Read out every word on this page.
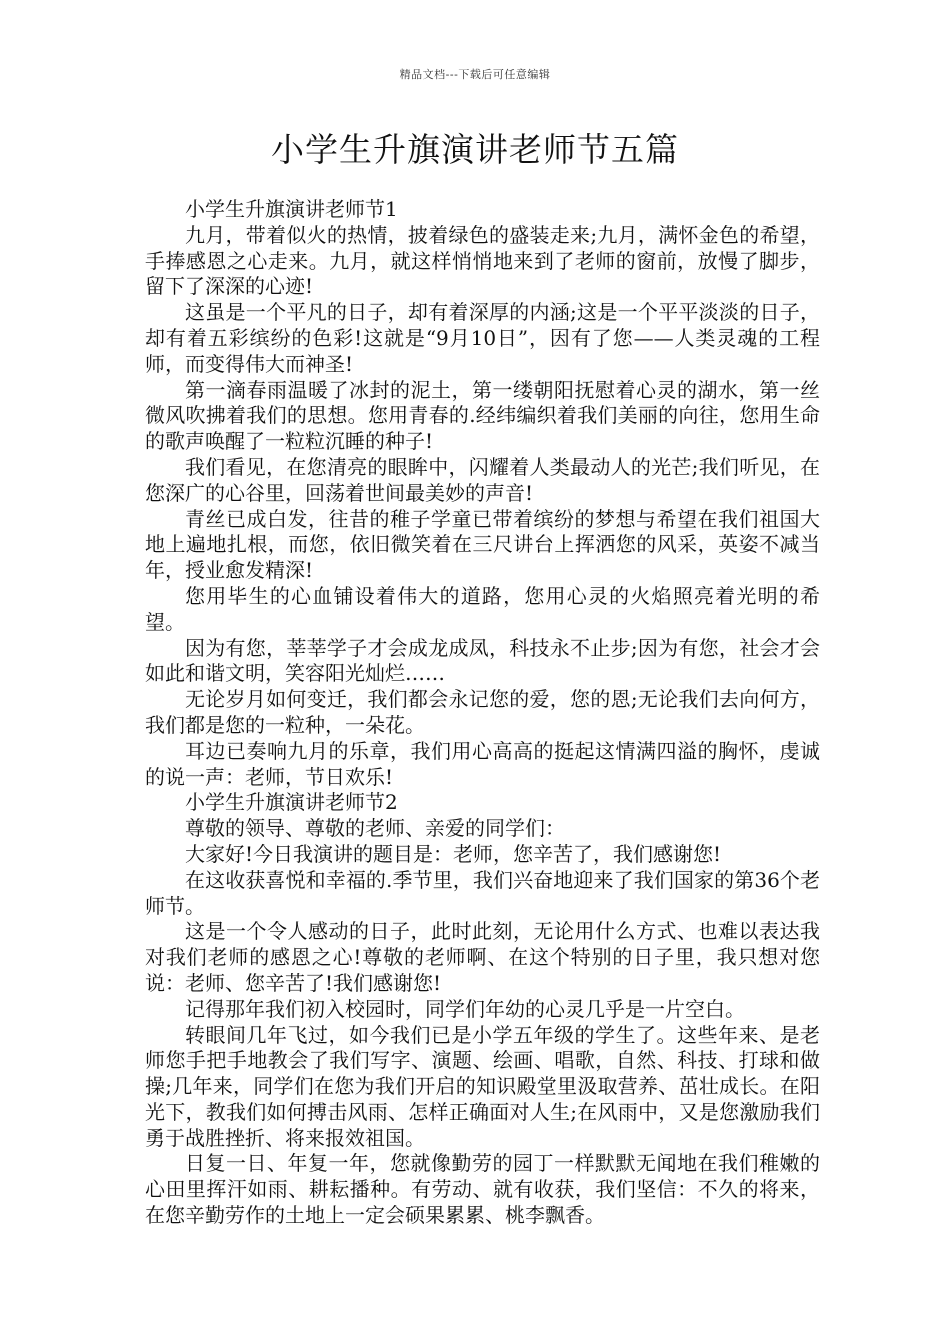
精品文档---下载后可任意编辑
小学生升旗演讲老师节五篇

小学生升旗演讲老师节1

九月，带着似火的热情，披着绿色的盛装走来;九月，满怀金色的希望，手捧感恩之心走来。九月，就这样悄悄地来到了老师的窗前，放慢了脚步，留下了深深的心迹!

这虽是一个平凡的日子，却有着深厚的内涵;这是一个平平淡淡的日子，却有着五彩缤纷的色彩!这就是“9月10日”，因有了您——人类灵魂的工程师，而变得伟大而神圣!

第一滴春雨温暖了冰封的泥土，第一缕朝阳抚慰着心灵的湖水，第一丝微风吹拂着我们的思想。您用青春的.经纬编织着我们美丽的向往，您用生命的歌声唤醒了一粒粒沉睡的种子!

我们看见，在您清亮的眼眸中，闪耀着人类最动人的光芒;我们听见，在您深广的心谷里，回荡着世间最美妙的声音!

青丝已成白发，往昔的稚子学童已带着缤纷的梦想与希望在我们祖国大地上遍地扎根，而您，依旧微笑着在三尺讲台上挥洒您的风采，英姿不减当年，授业愈发精深!

您用毕生的心血铺设着伟大的道路，您用心灵的火焰照亮着光明的希望。

因为有您，莘莘学子才会成龙成凤，科技永不止步;因为有您，社会才会如此和谐文明，笑容阳光灿烂……

无论岁月如何变迁，我们都会永记您的爱，您的恩;无论我们去向何方，我们都是您的一粒种，一朵花。

耳边已奏响九月的乐章，我们用心高高的挺起这情满四溢的胸怀，虔诚的说一声：老师，节日欢乐!

小学生升旗演讲老师节2

尊敬的领导、尊敬的老师、亲爱的同学们：

大家好!今日我演讲的题目是：老师，您辛苦了，我们感谢您!

在这收获喜悦和幸福的.季节里，我们兴奋地迎来了我们国家的第36个老师节。

这是一个令人感动的日子，此时此刻，无论用什么方式、也难以表达我对我们老师的感恩之心!尊敬的老师啊、在这个特别的日子里，我只想对您说：老师、您辛苦了!我们感谢您!

记得那年我们初入校园时，同学们年幼的心灵几乎是一片空白。

转眼间几年飞过，如今我们已是小学五年级的学生了。这些年来、是老师您手把手地教会了我们写字、演题、绘画、唱歌，自然、科技、打球和做操;几年来，同学们在您为我们开启的知识殿堂里汲取营养、茁壮成长。在阳光下，教我们如何搏击风雨、怎样正确面对人生;在风雨中，又是您激励我们勇于战胜挫折、将来报效祖国。

日复一日、年复一年，您就像勤劳的园丁一样默默无闻地在我们稚嫩的心田里挥汗如雨、耕耘播种。有劳动、就有收获，我们坚信：不久的将来，在您辛勤劳作的土地上一定会硕果累累、桃李飘香。
